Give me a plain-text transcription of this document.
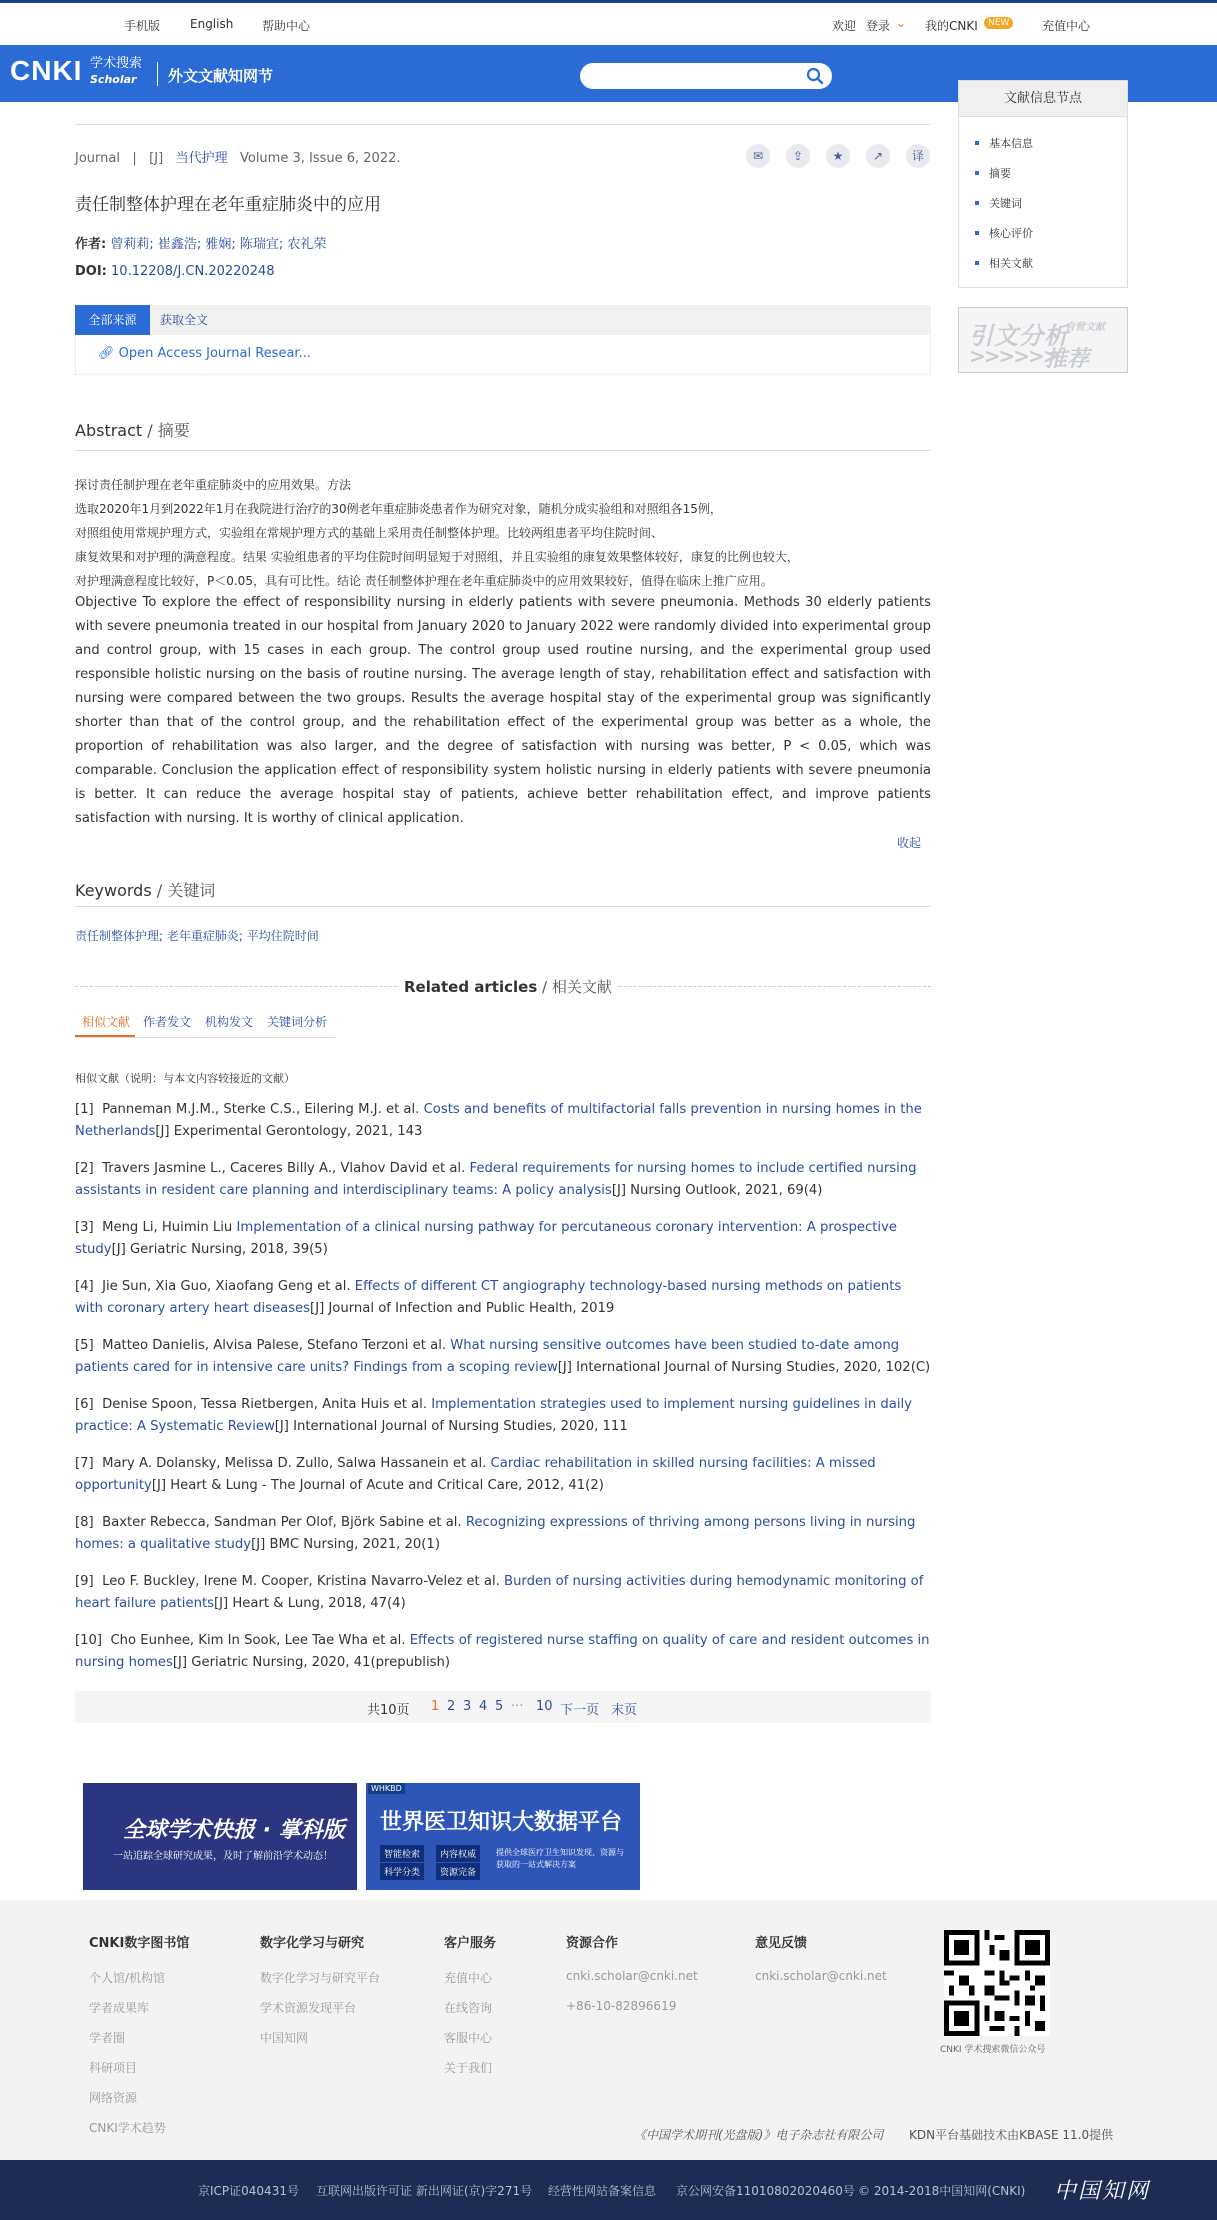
手机版 English 帮助中心	欢迎 登录 ⌄ 我的CNKI	NEW	充值中心
CNKI 学术搜索
Scholar 外文文献知网节
文献信息节点
基本信息
摘要
关键词
核心评价
相关文献
引文分析
自营文献
>>>>>>
推荐
Journal | [J] 当代护理 Volume 3, Issue 6, 2022.	✉	⇪	★	↗	译
责任制整体护理在老年重症肺炎中的应用
作者: 曾莉莉; 崔鑫浩; 雅娴; 陈瑞宜; 农礼荣
DOI: 10.12208/J.CN.20220248
全部来源	获取全文
🔗︎ Open Access Journal Resear...
Abstract / 摘要
探讨责任制护理在老年重症肺炎中的应用效果。方法
选取2020年1月到2022年1月在我院进行治疗的30例老年重症肺炎患者作为研究对象，随机分成实验组和对照组各15例，
对照组使用常规护理方式，实验组在常规护理方式的基础上采用责任制整体护理。比较两组患者平均住院时间、
康复效果和对护理的满意程度。结果 实验组患者的平均住院时间明显短于对照组，并且实验组的康复效果整体较好，康复的比例也较大，
对护理满意程度比较好，P＜0.05，具有可比性。结论 责任制整体护理在老年重症肺炎中的应用效果较好，值得在临床上推广应用。
Objective To explore the effect of responsibility nursing in elderly patients with severe pneumonia. Methods 30 elderly patients with severe pneumonia treated in our hospital from January 2020 to January 2022 were randomly divided into experimental group and control group, with 15 cases in each group. The control group used routine nursing, and the experimental group used responsible holistic nursing on the basis of routine nursing. The average length of stay, rehabilitation effect and satisfaction with nursing were compared between the two groups. Results the average hospital stay of the experimental group was significantly shorter than that of the control group, and the rehabilitation effect of the experimental group was better as a whole, the proportion of rehabilitation was also larger, and the degree of satisfaction with nursing was better, P < 0.05, which was comparable. Conclusion the application effect of responsibility system holistic nursing in elderly patients with severe pneumonia is better. It can reduce the average hospital stay of patients, achieve better rehabilitation effect, and improve patients satisfaction with nursing. It is worthy of clinical application.
收起
Keywords / 关键词
责任制整体护理; 老年重症肺炎; 平均住院时间
Related articles / 相关文献
相似文献 作者发文 机构发文 关键词分析
相似文献（说明：与本文内容较接近的文献）
[1] Panneman M.J.M., Sterke C.S., Eilering M.J. et al. Costs and benefits of multifactorial falls prevention in nursing homes in the Netherlands[J] Experimental Gerontology, 2021, 143
[2] Travers Jasmine L., Caceres Billy A., Vlahov David et al. Federal requirements for nursing homes to include certified nursing assistants in resident care planning and interdisciplinary teams: A policy analysis[J] Nursing Outlook, 2021, 69(4)
[3] Meng Li, Huimin Liu Implementation of a clinical nursing pathway for percutaneous coronary intervention: A prospective study[J] Geriatric Nursing, 2018, 39(5)
[4] Jie Sun, Xia Guo, Xiaofang Geng et al. Effects of different CT angiography technology-based nursing methods on patients with coronary artery heart diseases[J] Journal of Infection and Public Health, 2019
[5] Matteo Danielis, Alvisa Palese, Stefano Terzoni et al. What nursing sensitive outcomes have been studied to-date among patients cared for in intensive care units? Findings from a scoping review[J] International Journal of Nursing Studies, 2020, 102(C)
[6] Denise Spoon, Tessa Rietbergen, Anita Huis et al. Implementation strategies used to implement nursing guidelines in daily practice: A Systematic Review[J] International Journal of Nursing Studies, 2020, 111
[7] Mary A. Dolansky, Melissa D. Zullo, Salwa Hassanein et al. Cardiac rehabilitation in skilled nursing facilities: A missed opportunity[J] Heart & Lung - The Journal of Acute and Critical Care, 2012, 41(2)
[8] Baxter Rebecca, Sandman Per Olof, Björk Sabine et al. Recognizing expressions of thriving among persons living in nursing homes: a qualitative study[J] BMC Nursing, 2021, 20(1)
[9] Leo F. Buckley, Irene M. Cooper, Kristina Navarro-Velez et al. Burden of nursing activities during hemodynamic monitoring of heart failure patients[J] Heart & Lung, 2018, 47(4)
[10] Cho Eunhee, Kim In Sook, Lee Tae Wha et al. Effects of registered nurse staffing on quality of care and resident outcomes in nursing homes[J] Geriatric Nursing, 2020, 41(prepublish)
共10页 1 2 3 4 5 ··· 10 下一页 末页
全球学术快报 · 掌科版
一站追踪全球研究成果，及时了解前沿学术动态！
WHKBD
世界医卫知识大数据平台
智能检索	内容权威
科学分类	资源完备
提供全球医疗卫生知识发现、资源与获取的一站式解决方案
CNKI数字图书馆
个人馆/机构馆
学者成果库
学者圈
科研项目
网络资源
CNKI学术趋势
数字化学习与研究
数字化学习与研究平台
学术资源发现平台
中国知网
客户服务
充值中心
在线咨询
客服中心
关于我们
资源合作
cnki.scholar@cnki.net
+86-10-82896619
意见反馈
cnki.scholar@cnki.net
CNKI 学术搜索微信公众号
《中国学术期刊(光盘版)》电子杂志社有限公司 KDN平台基础技术由KBASE 11.0提供
京ICP证040431号 互联网出版许可证 新出网证(京)字271号 经营性网站备案信息 京公网安备11010802020460号 © 2014-2018中国知网(CNKI) 中国知网
